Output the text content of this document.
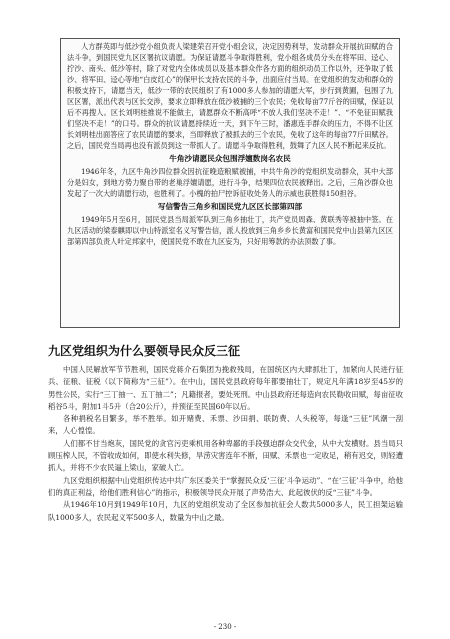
人方群英即与低沙党小组负责人梁建荣召开党小组会议，决定因势利导，发动群众开展抗田赋的合法斗争，到国民党九区区署抗议请愿。为保证请愿斗争取得胜利，党小组各成员分头在将军田、迳心、拧沙、南头、低沙等村，除了对党内全体成员以及基本群众作各方面的组织动员工作以外，还争取了低沙、将军田、迳心等地“白皮红心”的保甲长支持农民的斗争，出面应付当局。在党组织的发动和群众的积极支持下，请愿当天，低沙一带的农民组织了有1000多人参加的请愿大军，步行到黄圃，包围了九区区署，派出代表与区长交涉，要求立即释放在低沙被捕的三个农民；免收每亩77斤谷的田赋，保证以后不再搜人。区长刘明桂推说不能做主，请愿群众不断高呼“不放人我们坚决不走！”、“不免征田赋我们坚决不走！”的口号。群众的抗议请愿持续近一天，到下午三时，潘惠连手群众的压力，不得不让区长刘明桂出面答应了农民请愿的要求，当即释放了被抓去的三个农民，免收了这年的每亩77斤田赋谷。之后，国民党当局再也没有派员到这一带抓人了。请愿斗争取得胜利，鼓舞了九区人民不断起来反抗。

牛角沙请愿民众包围浮嬗数岗名农民

1946年冬，九区牛角沙四位群众因抗征晚造粮赋被捕，中共牛角沙的党组织发动群众，其中大部分是妇女，到地方势力聚自带的老巢浮嬗请愿，进行斗争，结果四位农民被释出。之后，三角沙群众也发起了一次大的请愿行动，也胜利了。小槐的拍尸控诉征收处务人的示威也获胜得150担谷。

写信警告三角乡和国民党九区区长部第四部

1949年5月至6月，国民党县当局派军队到三角乡抽壮丁，共产党员周森、黄联秀等被抽中签。在九区活动的梁泰麒即以中山特派室名义写警告信，派人投放到三角乡乡长黄富和国民党中山县第九区区部第四部负责人叶定邦家中，使国民党不敢在九区妄为，只好用筹款的办法顶数了事。

九区党组织为什么要领导民众反三征

中国人民解放军节节胜利，国民党蒋介石集团为挽救残局，在国统区内大肆抓壮丁，加紧向人民进行征兵、征粮、征税（以下简称为“三征”）。在中山，国民党县政府每年都要抽壮丁，规定凡年满18岁至45岁的男性公民，实行“三丁抽一、五丁抽二”；凡籍报者，要处死刑。中山县政府还每造向农民勒收田赋，每亩征收稻谷5斗，附加1斗5升（合20公斤），并预征至民国60年以后。

各种捐税名目繁多，举不胜举。如开赌费、禾票、沙田捐、联防费、人头税等，每逢“三征”风潮一刮来，人心惶惶。

人们都不甘当炮灰，国民党的贪官污吏乘机用各种卑鄙的手段强迫群众交代金，从中大发横财。县当局只顾压榨人民，不管收成如何，即使水利失修，旱涝灾害连年不断，田赋、禾票也一定收足，稍有迟交，则轻遭抓人，并将不少农民逼上梁山，家破人亡。

九区党组织根据中山党组织传达中共广东区委关于“掌握民众反‘三征’斗争运动”、“在‘三征’斗争中，给他们的真正利益，给他们胜利信心”的指示，积极领导民众开展了声势浩大、此起彼伏的反“三征”斗争。

从1946年10月到1949年10月，九区的党组织发动了全区参加抗征会人数共5000多人，民工担架运输队1000多人，农民起义军500多人，数量为中山之最。

- 230 -
